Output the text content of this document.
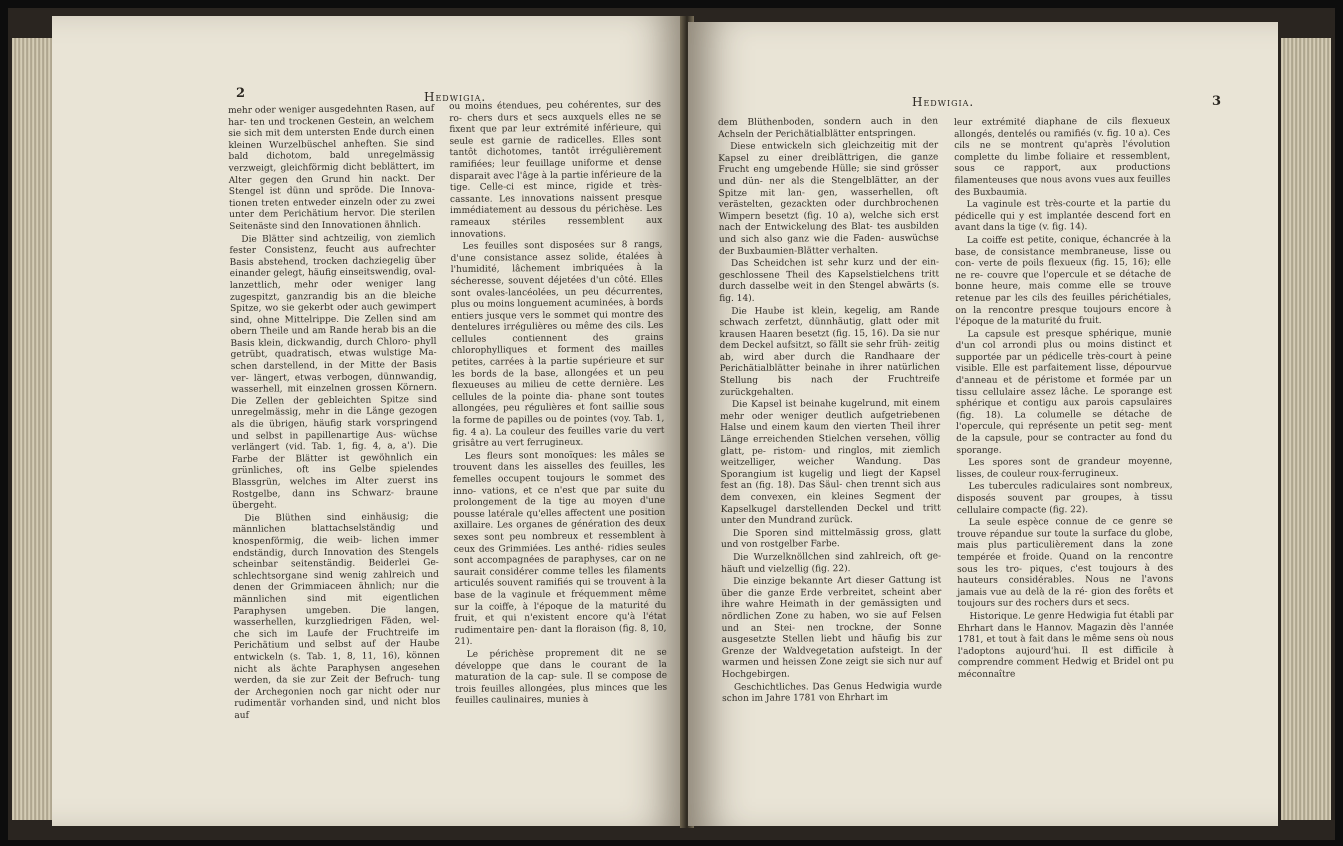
2	Hedwigia.

mehr oder weniger ausgedehnten Rasen, auf har- ten und trockenen Gestein, an welchem sie sich mit dem untersten Ende durch einen kleinen Wurzelbüschel anheften. Sie sind bald dichotom, bald unregelmässig verzweigt, gleichförmig dicht beblättert, im Alter gegen den Grund hin nackt. Der Stengel ist dünn und spröde. Die Innova- tionen treten entweder einzeln oder zu zwei unter dem Perichätium hervor. Die sterilen Seitenäste sind den Innovationen ähnlich.

Die Blätter sind achtzeilig, von ziemlich fester Consistenz, feucht aus aufrechter Basis abstehend, trocken dachziegelig über einander gelegt, häufig einseitswendig, oval-lanzettlich, mehr oder weniger lang zugespitzt, ganzrandig bis an die bleiche Spitze, wo sie gekerbt oder auch gewimpert sind, ohne Mittelrippe. Die Zellen sind am obern Theile und am Rande herab bis an die Basis klein, dickwandig, durch Chloro- phyll getrübt, quadratisch, etwas wulstige Ma- schen darstellend, in der Mitte der Basis ver- längert, etwas verbogen, dünnwandig, wasserhell, mit einzelnen grossen Körnern. Die Zellen der gebleichten Spitze sind unregelmässig, mehr in die Länge gezogen als die übrigen, häufig stark vorspringend und selbst in papillenartige Aus- wüchse verlängert (vid. Tab. 1, fig. 4, a, a'). Die Farbe der Blätter ist gewöhnlich ein grünliches, oft ins Gelbe spielendes Blassgrün, welches im Alter zuerst ins Rostgelbe, dann ins Schwarz- braune übergeht.

Die Blüthen sind einhäusig; die männlichen blattachselständig und knospenförmig, die weib- lichen immer endständig, durch Innovation des Stengels scheinbar seitenständig. Beiderlei Ge- schlechtsorgane sind wenig zahlreich und denen der Grimmiaceen ähnlich; nur die männlichen sind mit eigentlichen Paraphysen umgeben. Die langen, wasserhellen, kurzgliedrigen Fäden, wel- che sich im Laufe der Fruchtreife im Perichätium und selbst auf der Haube entwickeln (s. Tab. 1, 8, 11, 16), können nicht als ächte Paraphysen angesehen werden, da sie zur Zeit der Befruch- tung der Archegonien noch gar nicht oder nur rudimentär vorhanden sind, und nicht blos auf

ou moins étendues, peu cohérentes, sur des ro- chers durs et secs auxquels elles ne se fixent que par leur extrémité inférieure, qui seule est garnie de radicelles. Elles sont tantôt dichotomes, tantôt irrégulièrement ramifiées; leur feuillage uniforme et dense disparait avec l'âge à la partie inférieure de la tige. Celle-ci est mince, rigide et très-cassante. Les innovations naissent presque immédiatement au dessous du périchèse. Les rameaux stériles ressemblent aux innovations.

Les feuilles sont disposées sur 8 rangs, d'une consistance assez solide, étalées à l'humidité, lâchement imbriquées à la sécheresse, souvent déjetées d'un côté. Elles sont ovales-lancéolées, un peu décurrentes, plus ou moins longuement acuminées, à bords entiers jusque vers le sommet qui montre des dentelures irrégulières ou même des cils. Les cellules contiennent des grains chlorophylliques et forment des mailles petites, carrées à la partie supérieure et sur les bords de la base, allongées et un peu flexueuses au milieu de cette dernière. Les cellules de la pointe dia- phane sont toutes allongées, peu régulières et font saillie sous la forme de papilles ou de pointes (voy. Tab. 1, fig. 4 a). La couleur des feuilles varie du vert grisâtre au vert ferrugineux.

Les fleurs sont monoïques: les mâles se trouvent dans les aisselles des feuilles, les femelles occupent toujours le sommet des inno- vations, et ce n'est que par suite du prolongement de la tige au moyen d'une pousse latérale qu'elles affectent une position axillaire. Les organes de génération des deux sexes sont peu nombreux et ressemblent à ceux des Grimmiées. Les anthé- ridies seules sont accompagnées de paraphyses, car on ne saurait considérer comme telles les filaments articulés souvent ramifiés qui se trouvent à la base de la vaginule et fréquemment même sur la coiffe, à l'époque de la maturité du fruit, et qui n'existent encore qu'à l'état rudimentaire pen- dant la floraison (fig. 8, 10, 21).

Le périchèse proprement dit ne se développe que dans le courant de la maturation de la cap- sule. Il se compose de trois feuilles allongées, plus minces que les feuilles caulinaires, munies à

Hedwigia.	3

dem Blüthenboden, sondern auch in den Achseln der Perichätialblätter entspringen.

Diese entwickeln sich gleichzeitig mit der Kapsel zu einer dreiblättrigen, die ganze Frucht eng umgebende Hülle; sie sind grösser und dün- ner als die Stengelblätter, an der Spitze mit lan- gen, wasserhellen, oft verästelten, gezackten oder durchbrochenen Wimpern besetzt (fig. 10 a), welche sich erst nach der Entwickelung des Blat- tes ausbilden und sich also ganz wie die Faden- auswüchse der Buxbaumien-Blätter verhalten.

Das Scheidchen ist sehr kurz und der ein- geschlossene Theil des Kapselstielchens tritt durch dasselbe weit in den Stengel abwärts (s. fig. 14).

Die Haube ist klein, kegelig, am Rande schwach zerfetzt, dünnhäutig, glatt oder mit krausen Haaren besetzt (fig. 15, 16). Da sie nur dem Deckel aufsitzt, so fällt sie sehr früh- zeitig ab, wird aber durch die Randhaare der Perichätialblätter beinahe in ihrer natürlichen Stellung bis nach der Fruchtreife zurückgehalten.

Die Kapsel ist beinahe kugelrund, mit einem mehr oder weniger deutlich aufgetriebenen Halse und einem kaum den vierten Theil ihrer Länge erreichenden Stielchen versehen, völlig glatt, pe- ristom- und ringlos, mit ziemlich weitzelliger, weicher Wandung. Das Sporangium ist kugelig und liegt der Kapsel fest an (fig. 18). Das Säul- chen trennt sich aus dem convexen, ein kleines Segment der Kapselkugel darstellenden Deckel und tritt unter den Mundrand zurück.

Die Sporen sind mittelmässig gross, glatt und von rostgelber Farbe.

Die Wurzelknöllchen sind zahlreich, oft ge- häuft und vielzellig (fig. 22).

Die einzige bekannte Art dieser Gattung ist über die ganze Erde verbreitet, scheint aber ihre wahre Heimath in der gemässigten und nördlichen Zone zu haben, wo sie auf Felsen und an Stei- nen trockne, der Sonne ausgesetzte Stellen liebt und häufig bis zur Grenze der Waldvegetation aufsteigt. In der warmen und heissen Zone zeigt sie sich nur auf Hochgebirgen.

Geschichtliches. Das Genus Hedwigia wurde schon im Jahre 1781 von Ehrhart im

leur extrémité diaphane de cils flexueux allongés, dentelés ou ramifiés (v. fig. 10 a). Ces cils ne se montrent qu'après l'évolution complette du limbe foliaire et ressemblent, sous ce rapport, aux productions filamenteuses que nous avons vues aux feuilles des Buxbaumia.

La vaginule est très-courte et la partie du pédicelle qui y est implantée descend fort en avant dans la tige (v. fig. 14).

La coiffe est petite, conique, échancrée à la base, de consistance membraneuse, lisse ou con- verte de poils flexueux (fig. 15, 16); elle ne re- couvre que l'opercule et se détache de bonne heure, mais comme elle se trouve retenue par les cils des feuilles périchétiales, on la rencontre presque toujours encore à l'époque de la maturité du fruit.

La capsule est presque sphérique, munie d'un col arrondi plus ou moins distinct et supportée par un pédicelle très-court à peine visible. Elle est parfaitement lisse, dépourvue d'anneau et de péristome et formée par un tissu cellulaire assez lâche. Le sporange est sphérique et contigu aux parois capsulaires (fig. 18). La columelle se détache de l'opercule, qui représente un petit seg- ment de la capsule, pour se contracter au fond du sporange.

Les spores sont de grandeur moyenne, lisses, de couleur roux-ferrugineux.

Les tubercules radiculaires sont nombreux, disposés souvent par groupes, à tissu cellulaire compacte (fig. 22).

La seule espèce connue de ce genre se trouve répandue sur toute la surface du globe, mais plus particulièrement dans la zone tempérée et froide. Quand on la rencontre sous les tro- piques, c'est toujours à des hauteurs considérables. Nous ne l'avons jamais vue au delà de la ré- gion des forêts et toujours sur des rochers durs et secs.

Historique. Le genre Hedwigia fut établi par Ehrhart dans le Hannov. Magazin dès l'année 1781, et tout à fait dans le même sens où nous l'adoptons aujourd'hui. Il est difficile à comprendre comment Hedwig et Bridel ont pu méconnaître
